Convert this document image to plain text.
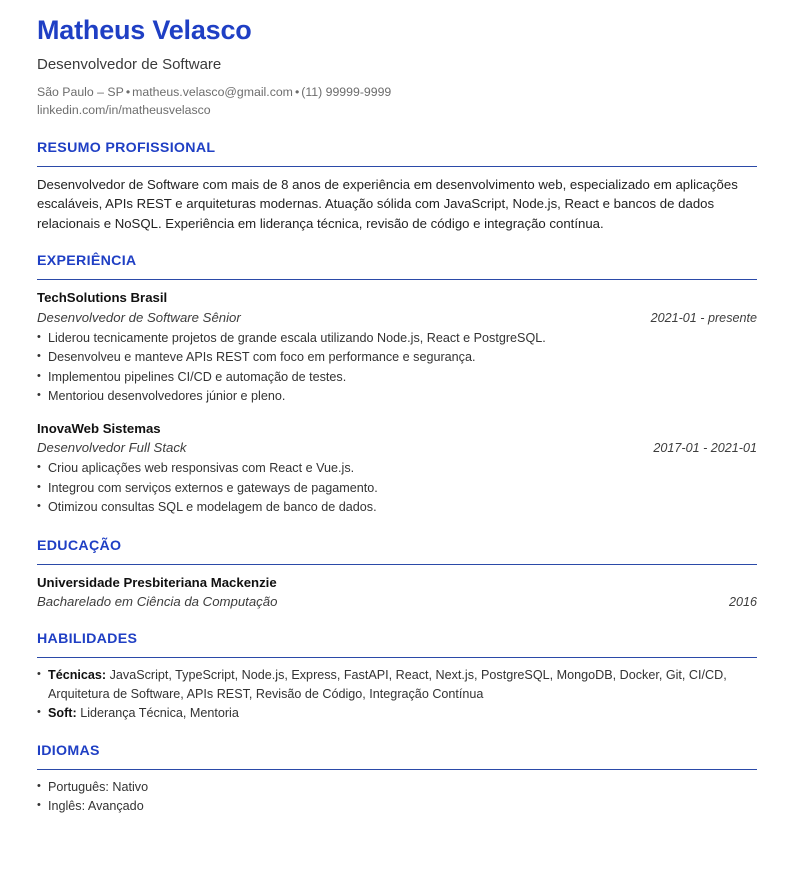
Matheus Velasco
Desenvolvedor de Software
São Paulo – SP • matheus.velasco@gmail.com • (11) 99999-9999
linkedin.com/in/matheusvelasco
RESUMO PROFISSIONAL

Desenvolvedor de Software com mais de 8 anos de experiência em desenvolvimento web, especializado em aplicações escaláveis, APIs REST e arquiteturas modernas. Atuação sólida com JavaScript, Node.js, React e bancos de dados relacionais e NoSQL. Experiência em liderança técnica, revisão de código e integração contínua.

EXPERIÊNCIA
TechSolutions Brasil
Desenvolvedor de Software Sênior	2021-01 - presente
• Liderou tecnicamente projetos de grande escala utilizando Node.js, React e PostgreSQL.
• Desenvolveu e manteve APIs REST com foco em performance e segurança.
• Implementou pipelines CI/CD e automação de testes.
• Mentoriou desenvolvedores júnior e pleno.
InovaWeb Sistemas
Desenvolvedor Full Stack	2017-01 - 2021-01
• Criou aplicações web responsivas com React e Vue.js.
• Integrou com serviços externos e gateways de pagamento.
• Otimizou consultas SQL e modelagem de banco de dados.
EDUCAÇÃO
Universidade Presbiteriana Mackenzie
Bacharelado em Ciência da Computação	2016
HABILIDADES
• Técnicas: JavaScript, TypeScript, Node.js, Express, FastAPI, React, Next.js, PostgreSQL, MongoDB, Docker, Git, CI/CD, Arquitetura de Software, APIs REST, Revisão de Código, Integração Contínua
• Soft: Liderança Técnica, Mentoria
IDIOMAS
• Português: Nativo
• Inglês: Avançado
